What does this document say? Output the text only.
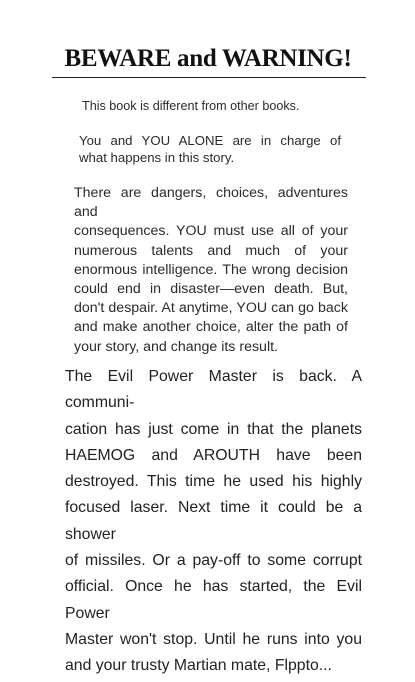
BEWARE and WARNING!

This book is different from other books.

You and YOU ALONE are in charge of
what happens in this story.

There are dangers, choices, adventures and
consequences. YOU must use all of your
numerous talents and much of your
enormous intelligence. The wrong decision
could end in disaster—even death. But,
don't despair. At anytime, YOU can go back
and make another choice, alter the path of
your story, and change its result.

The Evil Power Master is back. A communi-
cation has just come in that the planets
HAEMOG and AROUTH have been
destroyed. This time he used his highly
focused laser. Next time it could be a shower
of missiles. Or a pay-off to some corrupt
official. Once he has started, the Evil Power
Master won't stop. Until he runs into you
and your trusty Martian mate, Flppto...
